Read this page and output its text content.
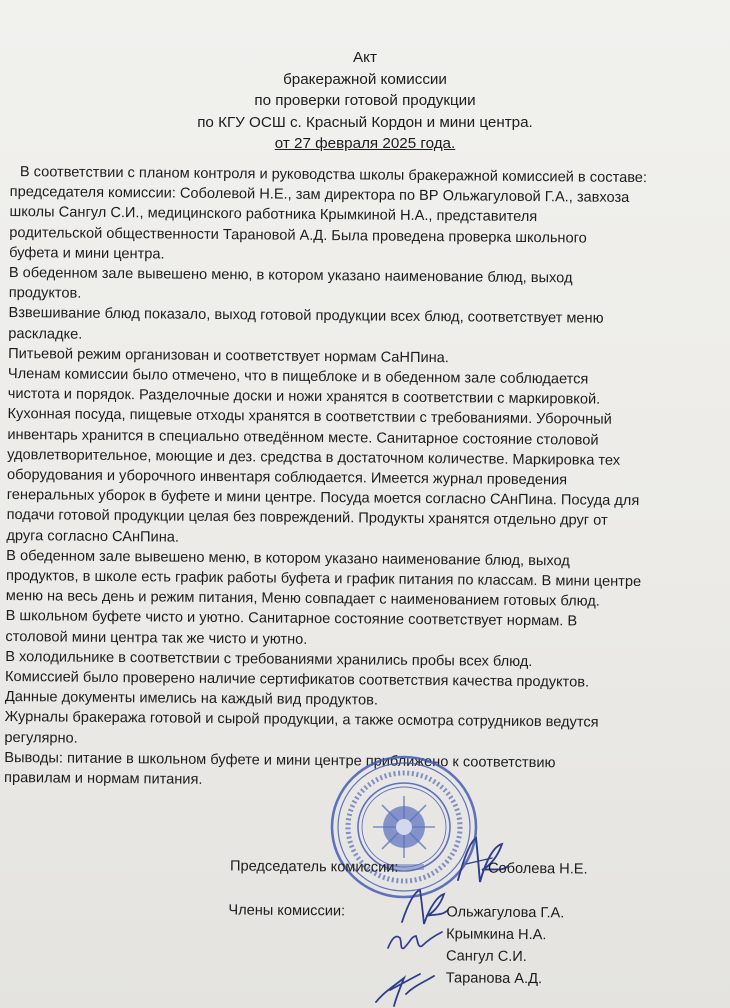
Акт
бракеражной комиссии
по проверки готовой продукции
по КГУ ОСШ с. Красный Кордон и мини центра.
от 27 февраля 2025 года.

В соответствии с планом контроля и руководства школы бракеражной комиссией в составе:

председателя комиссии: Соболевой Н.Е., зам директора по ВР Ольжагуловой Г.А., завхоза

школы Сангул С.И., медицинского работника Крымкиной Н.А., представителя

родительской общественности Тарановой А.Д. Была проведена проверка школьного

буфета и мини центра.

В обеденном зале вывешено меню, в котором указано наименование блюд, выход

продуктов.

Взвешивание блюд показало, выход готовой продукции всех блюд, соответствует меню

раскладке.

Питьевой режим организован и соответствует нормам СаНПина.

Членам комиссии было отмечено, что в пищеблоке и в обеденном зале соблюдается

чистота и порядок. Разделочные доски и ножи хранятся в соответствии с маркировкой.

Кухонная посуда, пищевые отходы хранятся в соответствии с требованиями. Уборочный

инвентарь хранится в специально отведённом месте. Санитарное состояние столовой

удовлетворительное, моющие и дез. средства в достаточном количестве. Маркировка тех

оборудования и уборочного инвентаря соблюдается. Имеется журнал проведения

генеральных уборок в буфете и мини центре. Посуда моется согласно САнПина. Посуда для

подачи готовой продукции целая без повреждений. Продукты хранятся отдельно друг от

друга согласно САнПина.

В обеденном зале вывешено меню, в котором указано наименование блюд, выход

продуктов, в школе есть график работы буфета и график питания по классам. В мини центре

меню на весь день и режим питания, Меню совпадает с наименованием готовых блюд.

В школьном буфете чисто и уютно. Санитарное состояние соответствует нормам. В

столовой мини центра так же чисто и уютно.

В холодильнике в соответствии с требованиями хранились пробы всех блюд.

Комиссией было проверено наличие сертификатов соответствия качества продуктов.

Данные документы имелись на каждый вид продуктов.

Журналы бракеража готовой и сырой продукции, а также осмотра сотрудников ведутся

регулярно.

Выводы: питание в школьном буфете и мини центре приближено к соответствию

правилам и нормам питания.

Председатель комиссии:	Соболева Н.Е.
Члены комиссии:	Ольжагулова Г.А.
Крымкина Н.А.
Сангул С.И.
Таранова А.Д.
